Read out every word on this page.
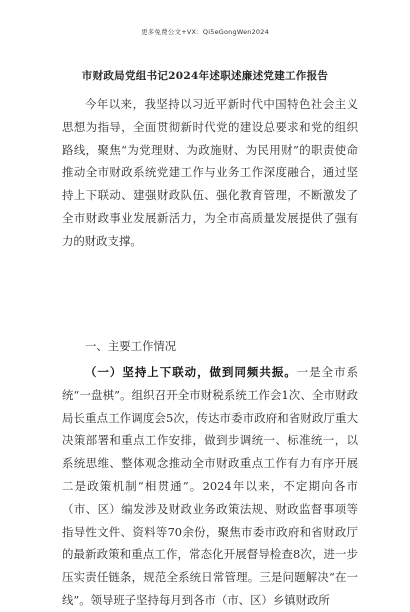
更多免费公文+VX：Qi5eGongWen2024
市财政局党组书记2024年述职述廉述党建工作报告
今年以来，我坚持以习近平新时代中国特色社会主义思想为指导，全面贯彻新时代党的建设总要求和党的组织路线，聚焦“为党理财、为政施财、为民用财”的职责使命推动全市财政系统党建工作与业务工作深度融合，通过坚持上下联动、建强财政队伍、强化教育管理，不断激发了全市财政事业发展新活力，为全市高质量发展提供了强有力的财政支撑。
一、主要工作情况
（一）坚持上下联动，做到同频共振。一是全市系统“一盘棋”。组织召开全市财税系统工作会1次、全市财政局长重点工作调度会5次，传达市委市政府和省财政厅重大决策部署和重点工作安排，做到步调统一、标准统一，以系统思维、整体观念推动全市财政重点工作有力有序开展二是政策机制“相贯通”。2024年以来，不定期向各市（市、区）编发涉及财政业务政策法规、财政监督事项等指导性文件、资料等70余份，聚焦市委市政府和省财政厅的最新政策和重点工作，常态化开展督导检查8次，进一步压实责任链条，规范全系统日常管理。三是问题解决“在一线”。领导班子坚持每月到各市（市、区）乡镇财政所
